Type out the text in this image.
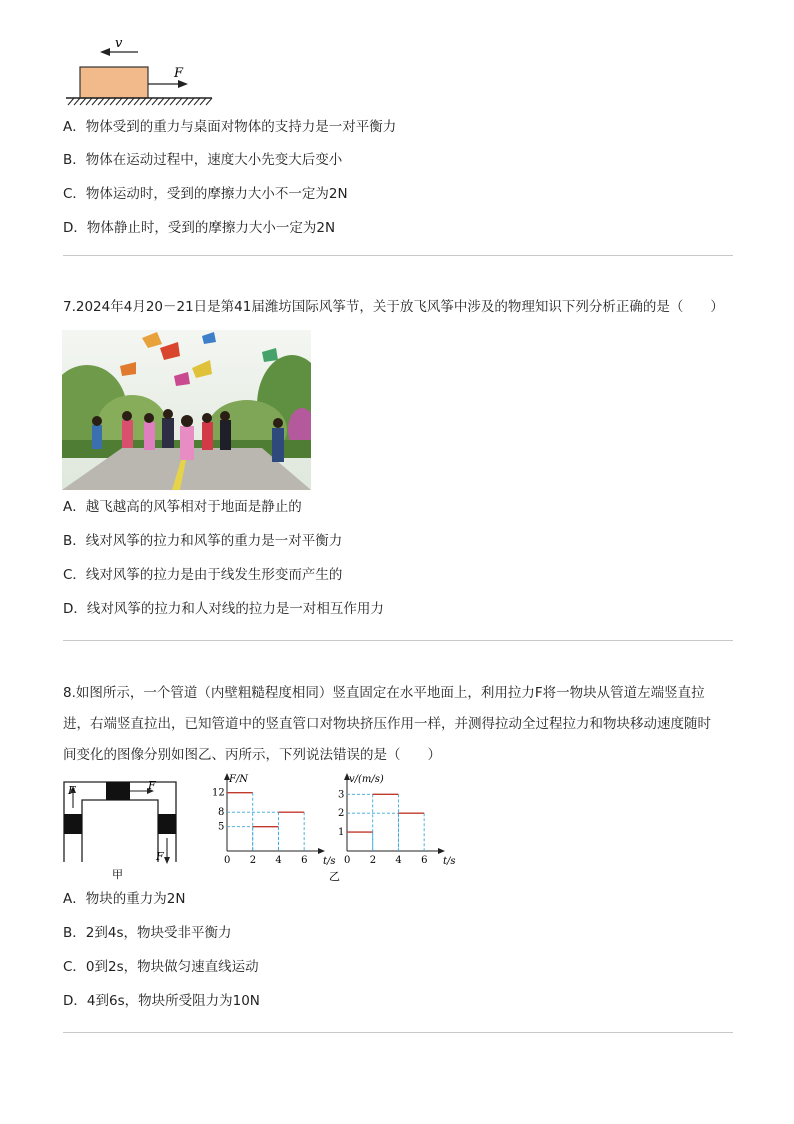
v
F
A．物体受到的重力与桌面对物体的支持力是一对平衡力
B．物体在运动过程中，速度大小先变大后变小
C．物体运动时，受到的摩擦力大小不一定为2N
D．物体静止时，受到的摩擦力大小一定为2N
7.2024年4月20－21日是第41届潍坊国际风筝节，关于放飞风筝中涉及的物理知识下列分析正确的是（　　）
A．越飞越高的风筝相对于地面是静止的
B．线对风筝的拉力和风筝的重力是一对平衡力
C．线对风筝的拉力是由于线发生形变而产生的
D．线对风筝的拉力和人对线的拉力是一对相互作用力
8.如图所示，一个管道（内壁粗糙程度相同）竖直固定在水平地面上，利用拉力F将一物块从管道左端竖直拉
进，右端竖直拉出，已知管道中的竖直管口对物块挤压作用一样，并测得拉动全过程拉力和物块移动速度随时
间变化的图像分别如图乙、丙所示，下列说法错误的是（　　）
F	F
F
甲
F/N
t/s
0 2 4 6
5
8
12
v/(m/s)
t/s
0 2 4 6
1
2
3
乙
A．物块的重力为2N
B．2到4s，物块受非平衡力
C．0到2s，物块做匀速直线运动
D．4到6s，物块所受阻力为10N
